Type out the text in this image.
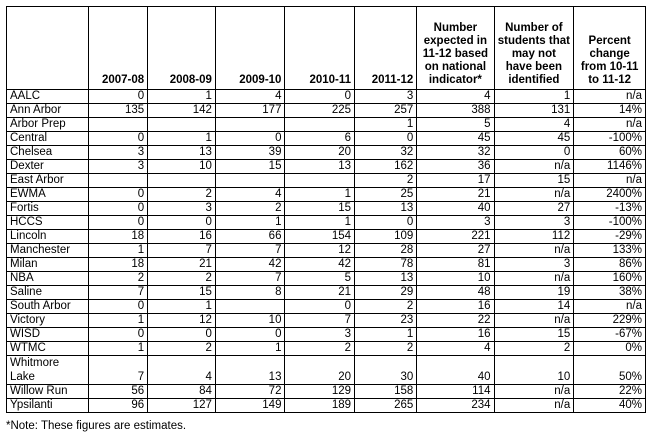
	2007-08	2008-09	2009-10	2010-11	2011-12	Number expected in 11-12 based on national indicator*	Number of students that may not have been identified	Percent change from 10-11 to 11-12
AALC	0	1	4	0	3	4	1	n/a
Ann Arbor	135	142	177	225	257	388	131	14%
Arbor Prep					1	5	4	n/a
Central	0	1	0	6	0	45	45	-100%
Chelsea	3	13	39	20	32	32	0	60%
Dexter	3	10	15	13	162	36	n/a	1146%
East Arbor					2	17	15	n/a
EWMA	0	2	4	1	25	21	n/a	2400%
Fortis	0	3	2	15	13	40	27	-13%
HCCS	0	0	1	1	0	3	3	-100%
Lincoln	18	16	66	154	109	221	112	-29%
Manchester	1	7	7	12	28	27	n/a	133%
Milan	18	21	42	42	78	81	3	86%
NBA	2	2	7	5	13	10	n/a	160%
Saline	7	15	8	21	29	48	19	38%
South Arbor	0	1		0	2	16	14	n/a
Victory	1	12	10	7	23	22	n/a	229%
WISD	0	0	0	3	1	16	15	-67%
WTMC	1	2	1	2	2	4	2	0%
Whitmore Lake	7	4	13	20	30	40	10	50%
Willow Run	56	84	72	129	158	114	n/a	22%
Ypsilanti	96	127	149	189	265	234	n/a	40%
*Note: These figures are estimates.
